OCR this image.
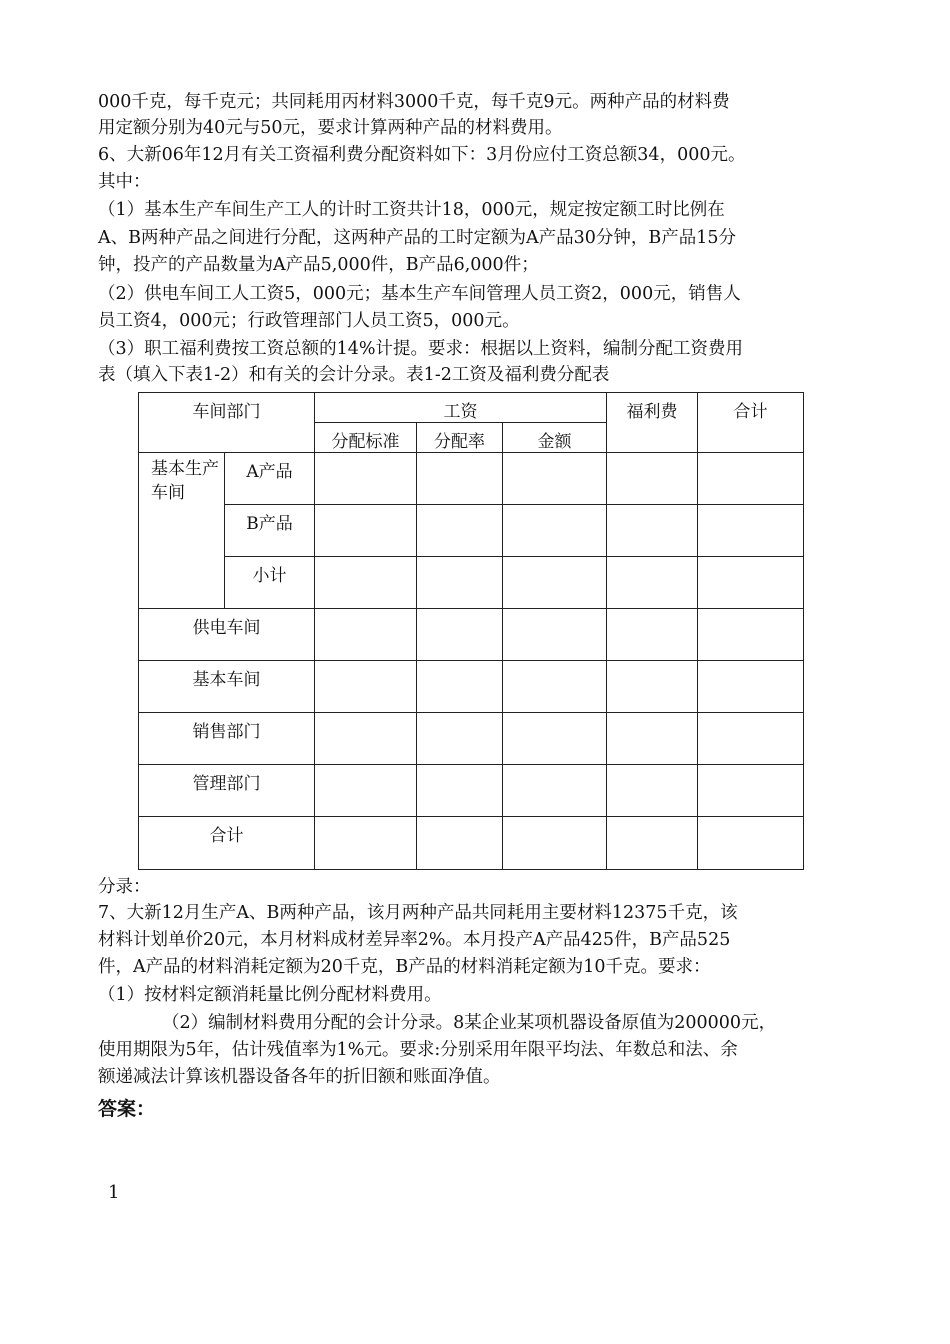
000千克，每千克元；共同耗用丙材料3000千克，每千克9元。两种产品的材料费
用定额分别为40元与50元，要求计算两种产品的材料费用。
6、大新06年12月有关工资福利费分配资料如下：3月份应付工资总额34，000元。
其中：
（1）基本生产车间生产工人的计时工资共计18，000元，规定按定额工时比例在
A、B两种产品之间进行分配，这两种产品的工时定额为A产品30分钟，B产品15分
钟，投产的产品数量为A产品5,000件，B产品6,000件；
（2）供电车间工人工资5，000元；基本生产车间管理人员工资2，000元，销售人
员工资4，000元；行政管理部门人员工资5，000元。
（3）职工福利费按工资总额的14%计提。要求：根据以上资料，编制分配工资费用
表（填入下表1-2）和有关的会计分录。表1-2工资及福利费分配表
车间部门		工资			福利费	合计
		分配标准	分配率	金额		
基本生产车间	A产品					
	B产品					
	小计					
供电车间						
基本车间						
销售部门						
管理部门						
合计						
分录：
7、大新12月生产A、B两种产品，该月两种产品共同耗用主要材料12375千克，该
材料计划单价20元，本月材料成材差异率2%。本月投产A产品425件，B产品525
件，A产品的材料消耗定额为20千克，B产品的材料消耗定额为10千克。要求：
（1）按材料定额消耗量比例分配材料费用。
（2）编制材料费用分配的会计分录。8某企业某项机器设备原值为200000元，
使用期限为5年，估计残值率为1%元。要求:分别采用年限平均法、年数总和法、余
额递减法计算该机器设备各年的折旧额和账面净值。
答案：
1
